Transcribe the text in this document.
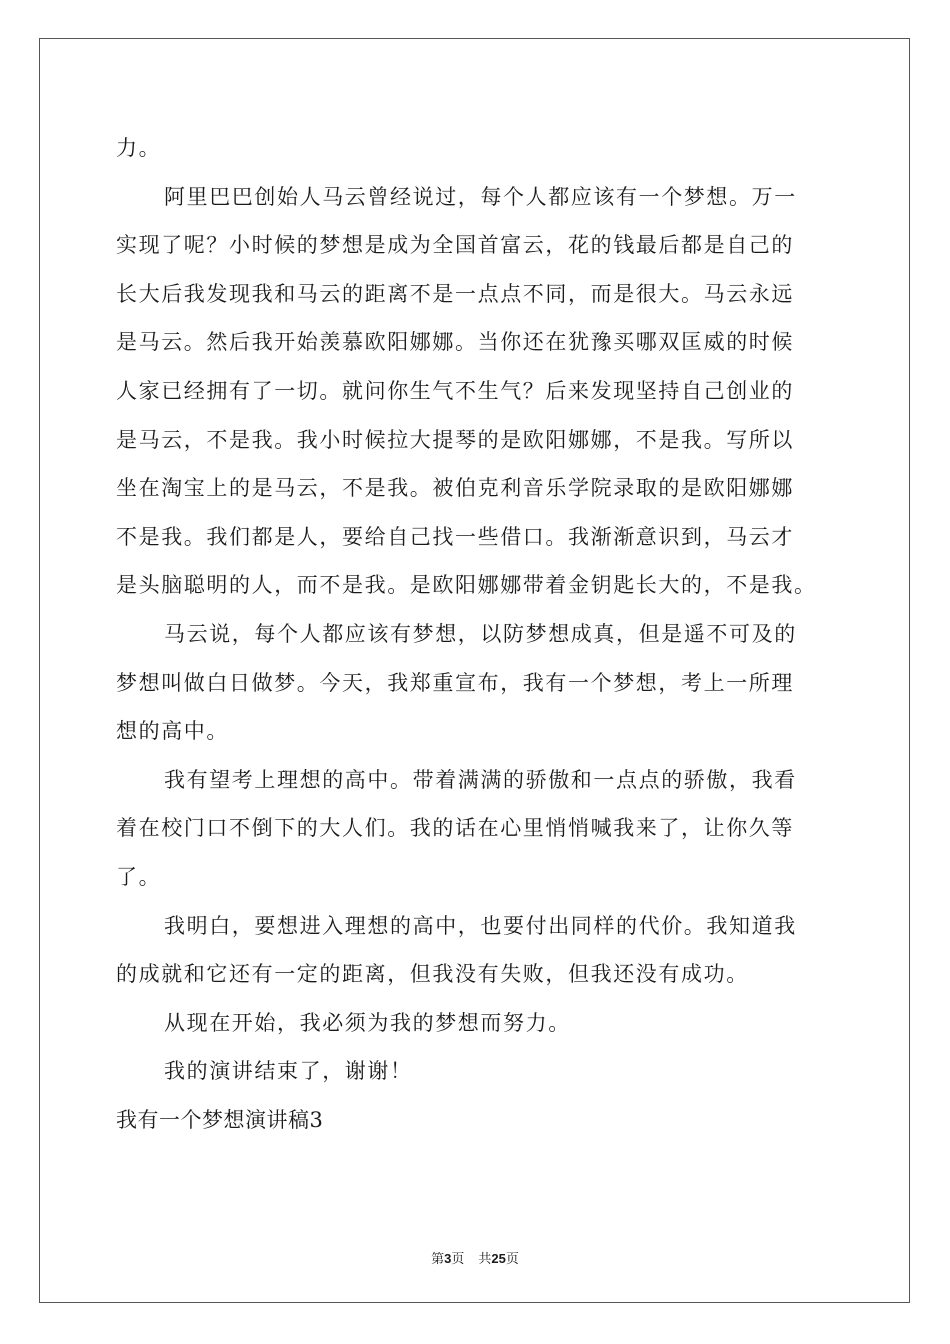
力。
阿里巴巴创始人马云曾经说过，每个人都应该有一个梦想。万一
实现了呢？小时候的梦想是成为全国首富云，花的钱最后都是自己的
长大后我发现我和马云的距离不是一点点不同，而是很大。马云永远
是马云。然后我开始羡慕欧阳娜娜。当你还在犹豫买哪双匡威的时候
人家已经拥有了一切。就问你生气不生气？后来发现坚持自己创业的
是马云，不是我。我小时候拉大提琴的是欧阳娜娜，不是我。写所以
坐在淘宝上的是马云，不是我。被伯克利音乐学院录取的是欧阳娜娜
不是我。我们都是人，要给自己找一些借口。我渐渐意识到，马云才
是头脑聪明的人，而不是我。是欧阳娜娜带着金钥匙长大的，不是我。
马云说，每个人都应该有梦想，以防梦想成真，但是遥不可及的
梦想叫做白日做梦。今天，我郑重宣布，我有一个梦想，考上一所理
想的高中。
我有望考上理想的高中。带着满满的骄傲和一点点的骄傲，我看
着在校门口不倒下的大人们。我的话在心里悄悄喊我来了，让你久等
了。
我明白，要想进入理想的高中，也要付出同样的代价。我知道我
的成就和它还有一定的距离，但我没有失败，但我还没有成功。
从现在开始，我必须为我的梦想而努力。
我的演讲结束了，谢谢！
我有一个梦想演讲稿3
第3页 共25页
